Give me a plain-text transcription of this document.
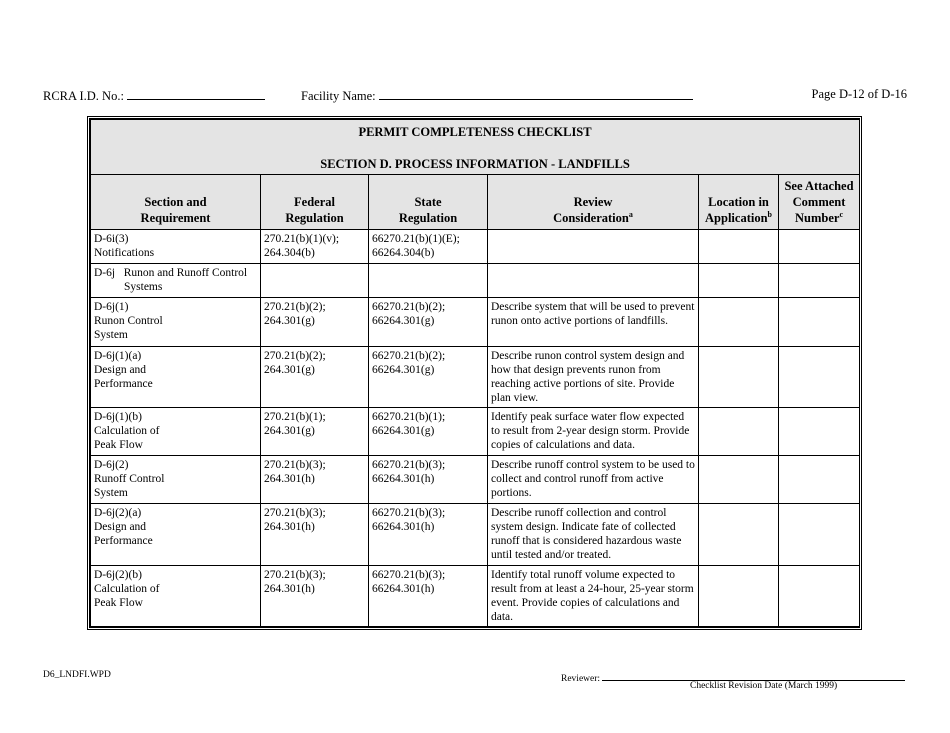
RCRA I.D. No.:	Facility Name:	Page D-12 of D-16
PERMIT COMPLETENESS CHECKLIST
SECTION D. PROCESS INFORMATION - LANDFILLS					

Section and Requirement	Federal Regulation	State Regulation	Review Consideration$^a$	Location in Application$^b$	See Attached Comment Number$^c$

D-6i(3)Notifications	270.21(b)(1)(v); 264.304(b)	66270.21(b)(1)(E); 66264.304(b)			

D-6j Runon and Runoff Control Systems					

D-6j(1)Runon Control System	270.21(b)(2); 264.301(g)	66270.21(b)(2); 66264.301(g)	Describe system that will be used to prevent runon onto active portions of landfills.		
D-6j(1)(a)Design and Performance	270.21(b)(2); 264.301(g)	66270.21(b)(2); 66264.301(g)	Describe runon control system design and how that design prevents runon from reaching active portions of site. Provide plan view.		
D-6j(1)(b)Calculation of Peak Flow	270.21(b)(1); 264.301(g)	66270.21(b)(1); 66264.301(g)	Identify peak surface water flow expected to result from 2-year design storm. Provide copies of calculations and data.		
D-6j(2)Runoff Control System	270.21(b)(3); 264.301(h)	66270.21(b)(3); 66264.301(h)	Describe runoff control system to be used to collect and control runoff from active portions.		
D-6j(2)(a)Design and Performance	270.21(b)(3); 264.301(h)	66270.21(b)(3); 66264.301(h)	Describe runoff collection and control system design. Indicate fate of collected runoff that is considered hazardous waste until tested and/or treated.		
D-6j(2)(b)Calculation of Peak Flow	270.21(b)(3); 264.301(h)	66270.21(b)(3); 66264.301(h)	Identify total runoff volume expected to result from at least a 24-hour, 25-year storm event. Provide copies of calculations and data.		
D6_LNDFI.WPD	Reviewer:
Checklist Revision Date (March 1999)
